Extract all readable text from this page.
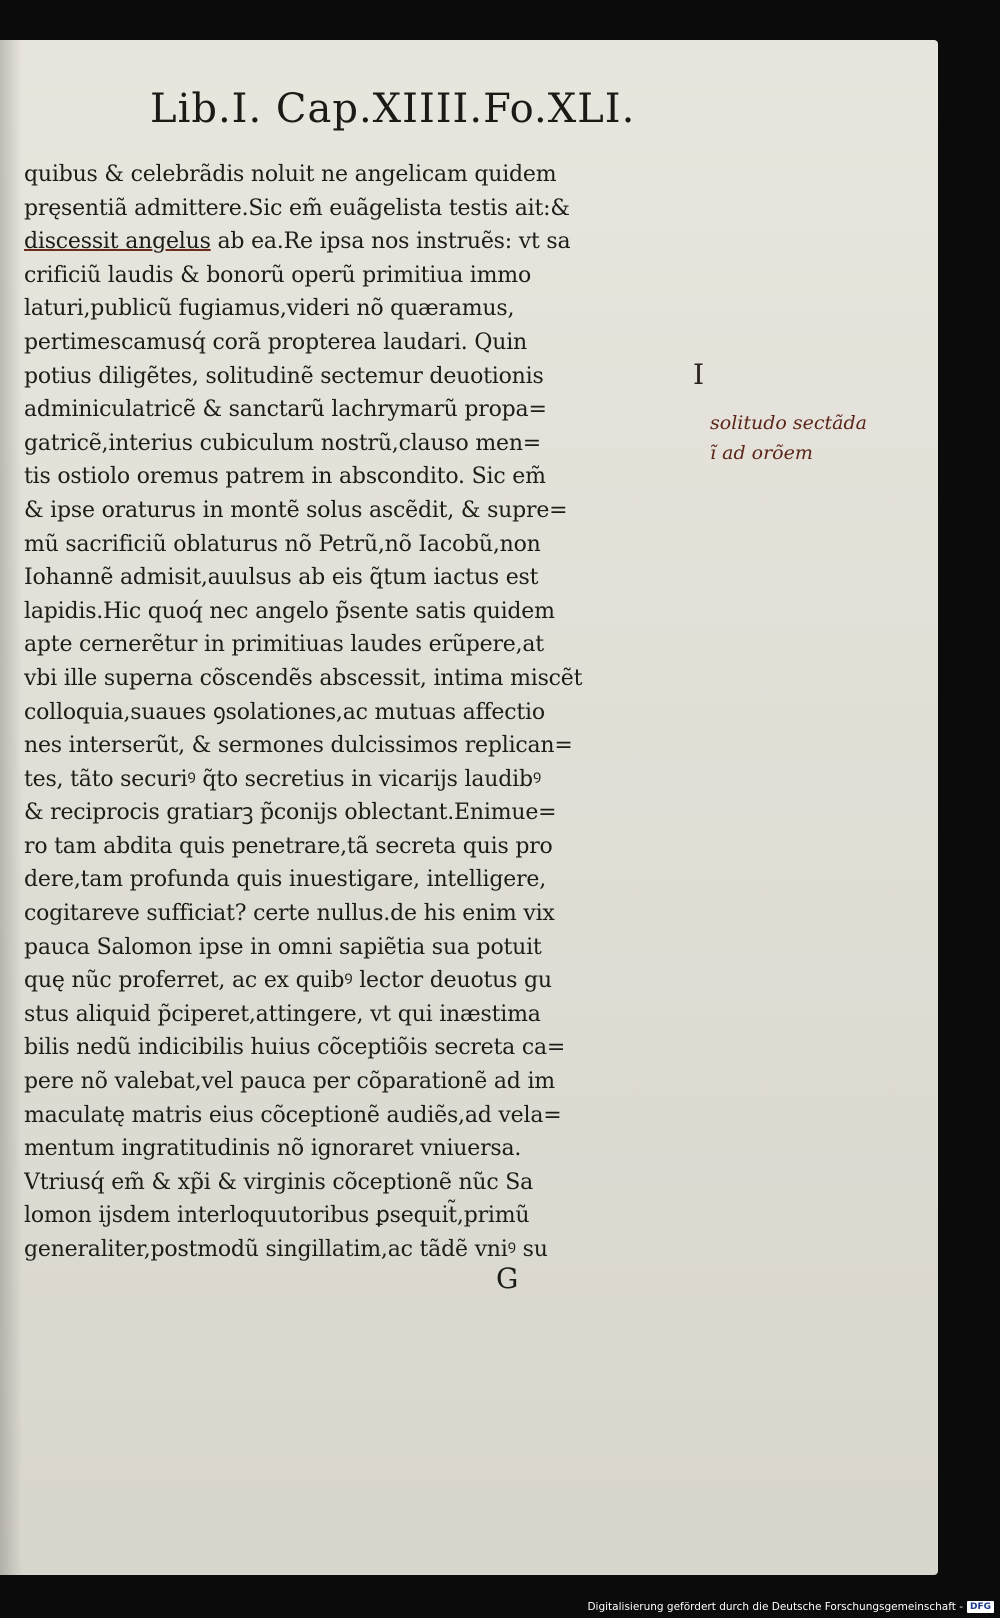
Lib.I. Cap.XIIII.Fo.XLI.
quibus & celebrãdis noluit ne angelicam quidem
pręsentiã admittere.Sic em̃ euãgelista testis ait:&
discessit angelus ab ea.Re ipsa nos instruẽs: vt sa
crificiũ laudis & bonorũ operũ primitiua immo
laturi,publicũ fugiamus,videri nõ quæramus,
pertimescamusq́ corã propterea laudari. Quin
potius diligẽtes, solitudinẽ sectemur deuotionis
adminiculatricẽ & sanctarũ lachrymarũ propa=
gatricẽ,interius cubiculum nostrũ,clauso men=
tis ostiolo oremus patrem in abscondito. Sic em̃
& ipse oraturus in montẽ solus ascẽdit, & supre=
mũ sacrificiũ oblaturus nõ Petrũ,nõ Iacobũ,non
Iohannẽ admisit,auulsus ab eis q̃tum iactus est
lapidis.Hic quoq́ nec angelo p̃sente satis quidem
apte cernerẽtur in primitiuas laudes erũpere,at
vbi ille superna cõscendẽs abscessit, intima miscẽt
colloquia,suaues ꝯsolationes,ac mutuas affectio
nes interserũt, & sermones dulcissimos replican=
tes, tãto securiꝰ q̃to secretius in vicarijs laudibꝰ
& reciprocis gratiarꝫ p̃conijs oblectant.Enimue=
ro tam abdita quis penetrare,tã secreta quis pro
dere,tam profunda quis inuestigare, intelligere,
cogitareve sufficiat? certe nullus.de his enim vix
pauca Salomon ipse in omni sapiẽtia sua potuit
quę nũc proferret, ac ex quibꝰ lector deuotus gu
stus aliquid p̃ciperet,attingere, vt qui inæstima
bilis nedũ indicibilis huius cõceptiõis secreta ca=
pere nõ valebat,vel pauca per cõparationẽ ad im
maculatę matris eius cõceptionẽ audiẽs,ad vela=
mentum ingratitudinis nõ ignoraret vniuersa.
Vtriusq́ em̃ & xp̃i & virginis cõceptionẽ nũc Sa
lomon ijsdem interloquutoribus ꝑsequit̃,primũ
generaliter,postmodũ singillatim,ac tãdẽ vniꝰ su
I
solitudo sectãda
ĩ ad orõem
G
Digitalisierung gefördert durch die Deutsche Forschungsgemeinschaft - DFG
